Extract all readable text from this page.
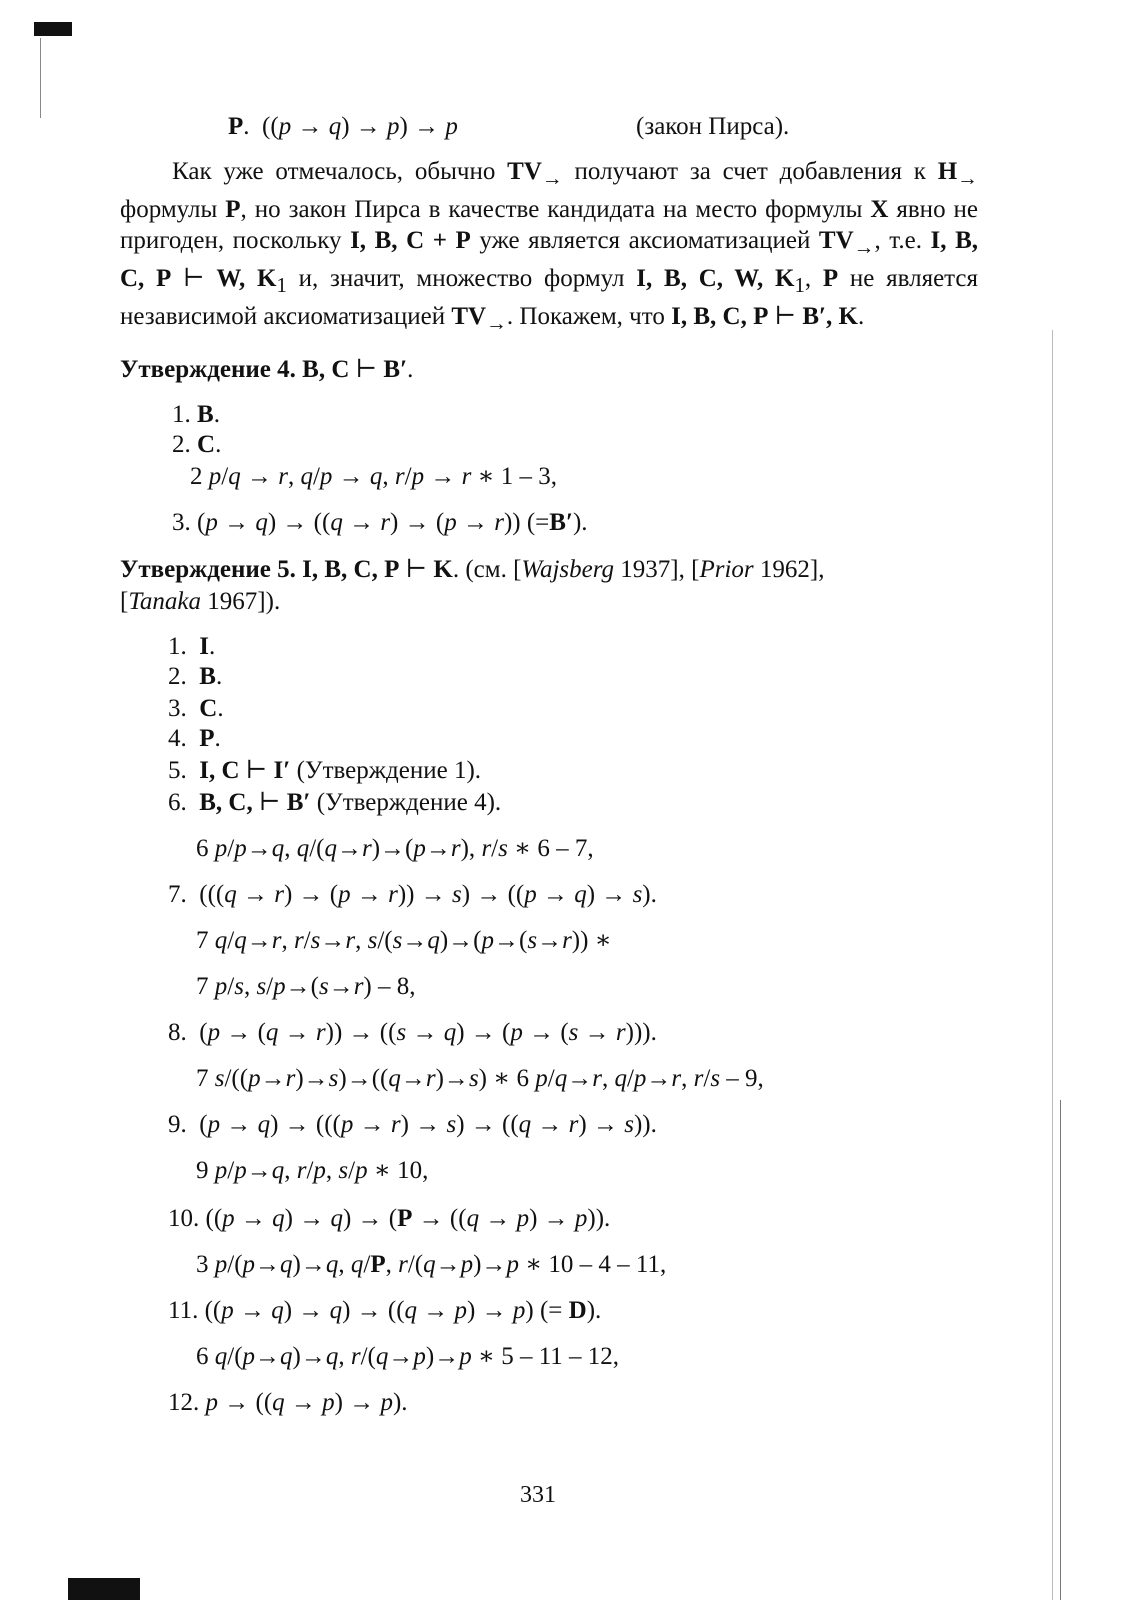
P.  ((p → q) → p) → p	(закон Пирса).

Как уже отмечалось, обычно $TV_\to$ получают за счет добавления к $H_\to$ формулы P, но закон Пирса в качестве кандидата на место формулы X явно не пригоден, поскольку I, B, C + P уже является аксиоматизацией $TV_\to$, т.е. I, B, C, P ⊢ W, $K_1$ и, значит, множество формул I, B, C, W, $K_1$, P не является независимой аксиоматизацией $TV_\to$. Покажем, что I, B, C, P ⊢ B′, K.

Утверждение 4. B, C ⊢ B′.
1. B.
2. C.
2 p/q → r, q/p → q, r/p → r ∗ 1 – 3,
3. (p → q) → ((q → r) → (p → r)) (=B′).
Утверждение 5. I, B, C, P ⊢ K. (см. [Wajsberg 1937], [Prior 1962],
[Tanaka 1967]).
1.  I.
2.  B.
3.  C.
4.  P.
5.  I, C ⊢ I′ (Утверждение 1).
6.  B, C, ⊢ B′ (Утверждение 4).
6 p/p→q, q/(q→r)→(p→r), r/s ∗ 6 – 7,
7.  (((q → r) → (p → r)) → s) → ((p → q) → s).
7 q/q→r, r/s→r, s/(s→q)→(p→(s→r)) ∗
7 p/s, s/p→(s→r) – 8,
8.  (p → (q → r)) → ((s → q) → (p → (s → r))).
7 s/((p→r)→s)→((q→r)→s) ∗ 6 p/q→r, q/p→r, r/s – 9,
9.  (p → q) → (((p → r) → s) → ((q → r) → s)).
9 p/p→q, r/p, s/p ∗ 10,
10. ((p → q) → q) → (P → ((q → p) → p)).
3 p/(p→q)→q, q/P, r/(q→p)→p ∗ 10 – 4 – 11,
11. ((p → q) → q) → ((q → p) → p) (= D).
6 q/(p→q)→q, r/(q→p)→p ∗ 5 – 11 – 12,
12. p → ((q → p) → p).
331
